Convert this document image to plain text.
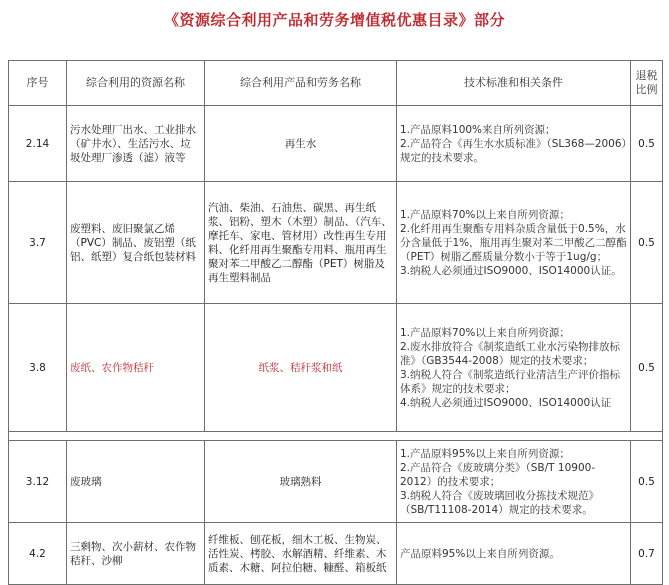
《资源综合利用产品和劳务增值税优惠目录》部分
序号	综合利用的资源名称	综合利用产品和劳务名称	技术标准和相关条件	退税比例
2.14	污水处理厂出水、工业排水（矿井水）、生活污水、垃圾处理厂渗透（滤）液等	再生水	1.产品原料100%来自所列资源；

2.产品符合《再生水水质标准》（SL368—2006）规定的技术要求。	0.5
3.7	废塑料、废旧聚氯乙烯（PVC）制品、废铝塑（纸铝、纸塑）复合纸包装材料	汽油、柴油、石油焦、碳黑、再生纸浆、铝粉、塑木（木塑）制品、（汽车、摩托车、家电、管材用）改性再生专用料、化纤用再生聚酯专用料、瓶用再生聚对苯二甲酸乙二醇酯（PET）树脂及再生塑料制品	1.产品原料70%以上来自所列资源；

2.化纤用再生聚酯专用料杂质含量低于0.5%，水分含量低于1%，瓶用再生聚对苯二甲酸乙二醇酯（PET）树脂乙醛质量分数小于等于1ug/g；

3.纳税人必须通过ISO9000、ISO14000认证。	0.5
3.8	废纸、农作物秸秆	纸浆、秸秆浆和纸	1.产品原料70%以上来自所列资源；

2.废水排放符合《制浆造纸工业水污染物排放标准》（GB3544-2008）规定的技术要求；

3.纳税人符合《制浆造纸行业清洁生产评价指标体系》规定的技术要求；

4.纳税人必须通过ISO9000、ISO14000认证	0.5

3.12	废玻璃	玻璃熟料	1.产品原料95%以上来自所列资源；

2.产品符合《废玻璃分类》（SB/T 10900-2012）的技术要求；

3.纳税人符合《废玻璃回收分拣技术规范》（SB/T11108-2014）规定的技术要求。	0.5
4.2	三剩物、次小薪材、农作物秸秆、沙柳	纤维板、刨花板，细木工板、生物炭、活性炭、栲胶、水解酒精、纤维素、木质素、木糖、阿拉伯糖、糠醛、箱板纸	产品原料95%以上来自所列资源。	0.7
